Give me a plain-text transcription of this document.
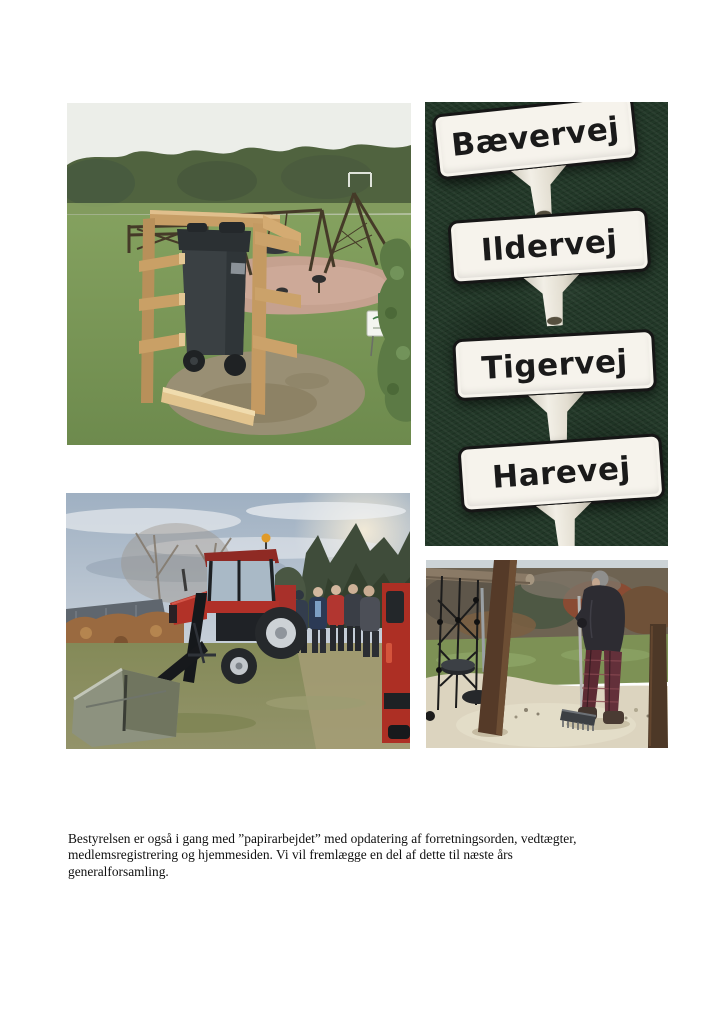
Bævervej
Ildervej
Tigervej
Harevej
Bestyrelsen er også i gang med ”papirarbejdet” med opdatering af forretningsorden, vedtægter,
medlemsregistrering og hjemmesiden. Vi vil fremlægge en del af dette til næste års
generalforsamling.
